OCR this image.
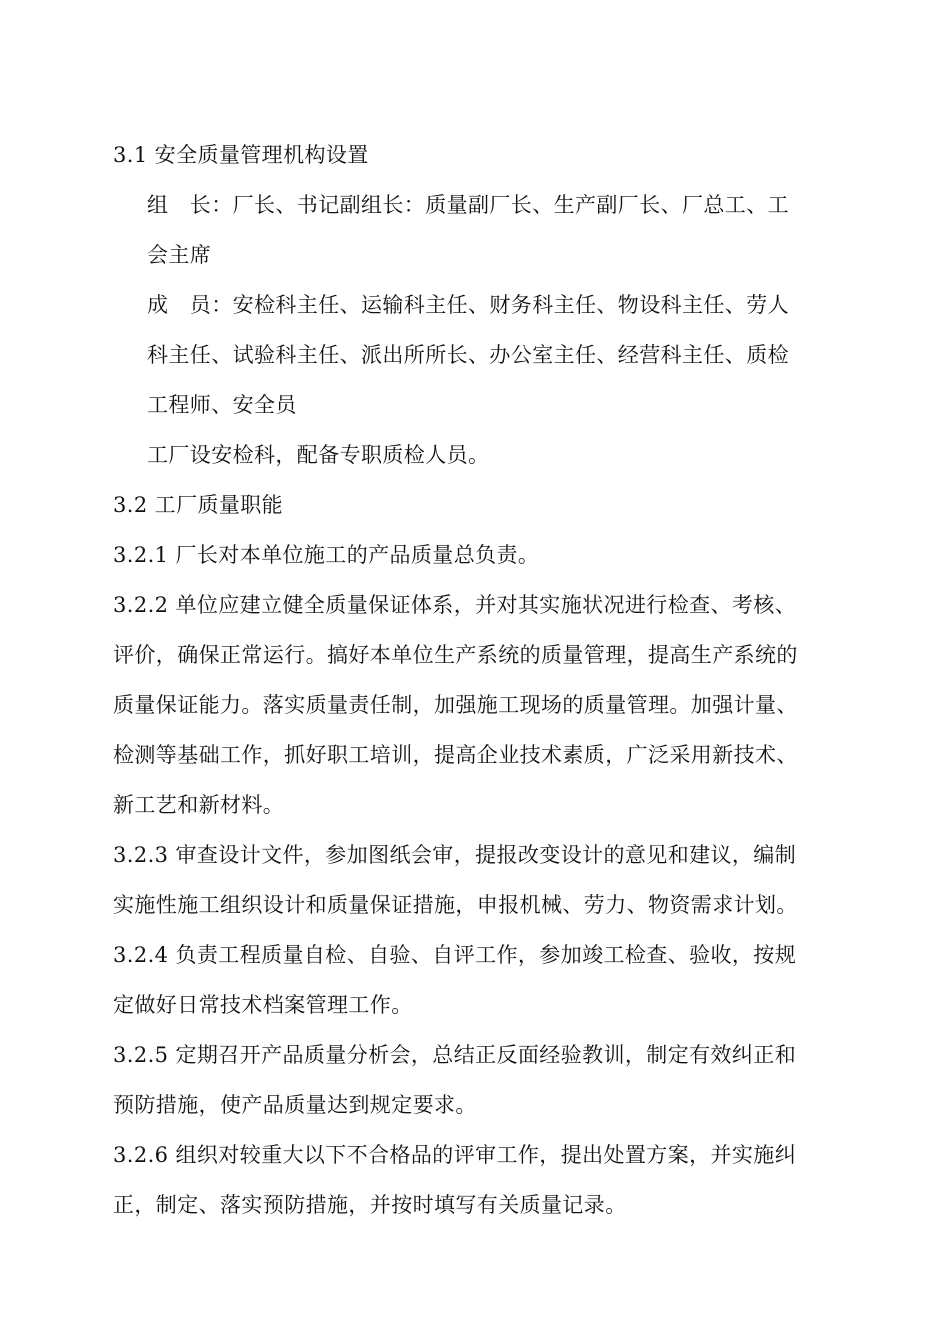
3.1 安全质量管理机构设置
组　长：厂长、书记副组长：质量副厂长、生产副厂长、厂总工、工
会主席
成　员：安检科主任、运输科主任、财务科主任、物设科主任、劳人
科主任、试验科主任、派出所所长、办公室主任、经营科主任、质检
工程师、安全员
工厂设安检科，配备专职质检人员。
3.2 工厂质量职能
3.2.1 厂长对本单位施工的产品质量总负责。
3.2.2 单位应建立健全质量保证体系，并对其实施状况进行检查、考核、
评价，确保正常运行。搞好本单位生产系统的质量管理，提高生产系统的
质量保证能力。落实质量责任制，加强施工现场的质量管理。加强计量、
检测等基础工作，抓好职工培训，提高企业技术素质，广泛采用新技术、
新工艺和新材料。
3.2.3 审查设计文件，参加图纸会审，提报改变设计的意见和建议，编制
实施性施工组织设计和质量保证措施，申报机械、劳力、物资需求计划。
3.2.4 负责工程质量自检、自验、自评工作，参加竣工检查、验收，按规
定做好日常技术档案管理工作。
3.2.5 定期召开产品质量分析会，总结正反面经验教训，制定有效纠正和
预防措施，使产品质量达到规定要求。
3.2.6 组织对较重大以下不合格品的评审工作，提出处置方案，并实施纠
正，制定、落实预防措施，并按时填写有关质量记录。
